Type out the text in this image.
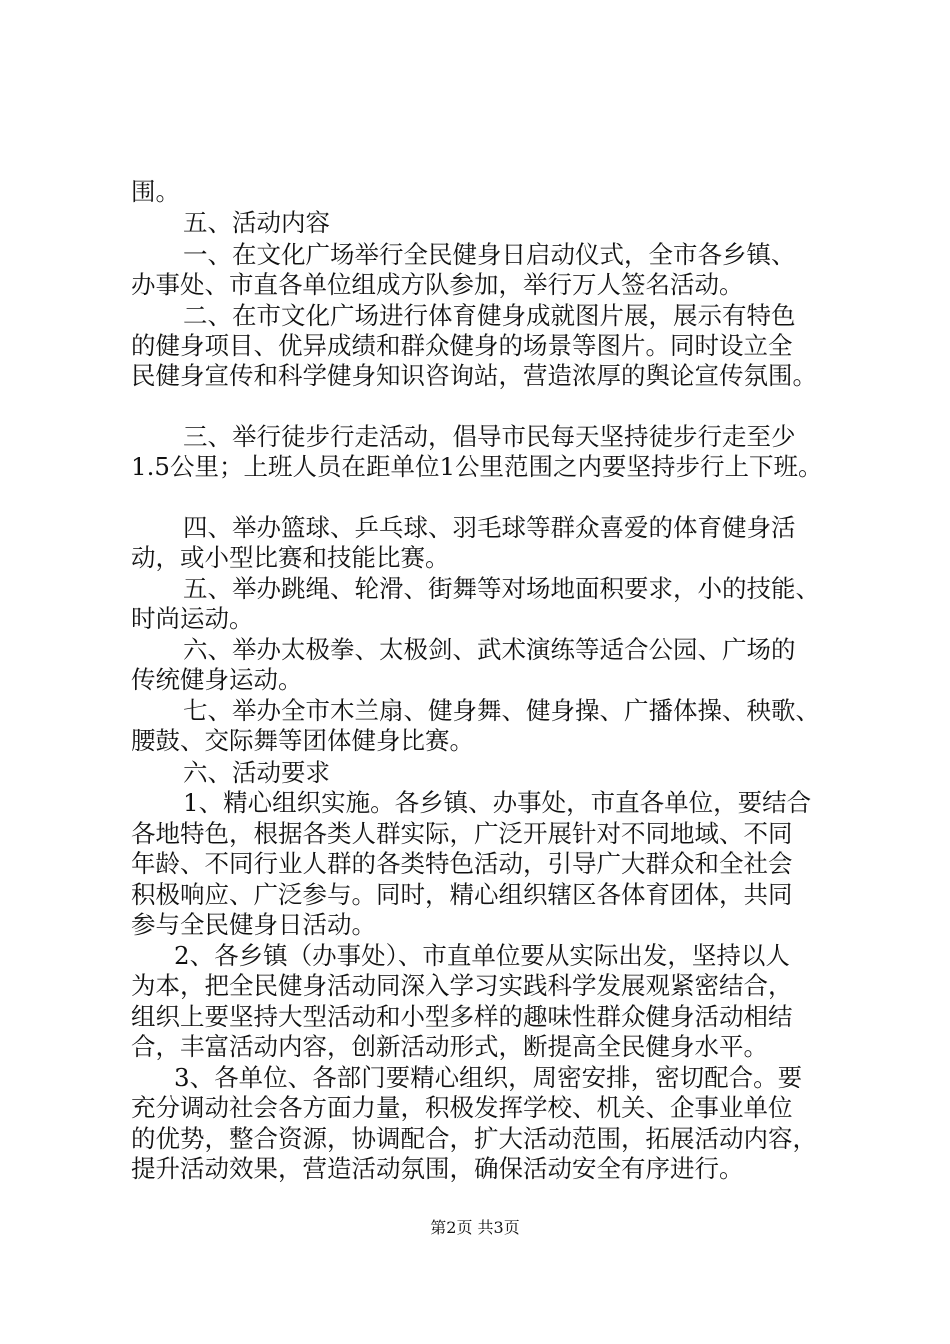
围。
五、活动内容
一、在文化广场举行全民健身日启动仪式，全市各乡镇、
办事处、市直各单位组成方队参加，举行万人签名活动。
二、在市文化广场进行体育健身成就图片展，展示有特色
的健身项目、优异成绩和群众健身的场景等图片。同时设立全
民健身宣传和科学健身知识咨询站，营造浓厚的舆论宣传氛围。
三、举行徒步行走活动，倡导市民每天坚持徒步行走至少
1.5公里；上班人员在距单位1公里范围之内要坚持步行上下班。
四、举办篮球、乒乓球、羽毛球等群众喜爱的体育健身活
动，或小型比赛和技能比赛。
五、举办跳绳、轮滑、街舞等对场地面积要求，小的技能、
时尚运动。
六、举办太极拳、太极剑、武术演练等适合公园、广场的
传统健身运动。
七、举办全市木兰扇、健身舞、健身操、广播体操、秧歌、
腰鼓、交际舞等团体健身比赛。
六、活动要求
1、精心组织实施。各乡镇、办事处，市直各单位，要结合
各地特色，根据各类人群实际，广泛开展针对不同地域、不同
年龄、不同行业人群的各类特色活动，引导广大群众和全社会
积极响应、广泛参与。同时，精心组织辖区各体育团体，共同
参与全民健身日活动。
2、各乡镇（办事处）、市直单位要从实际出发，坚持以人
为本，把全民健身活动同深入学习实践科学发展观紧密结合，
组织上要坚持大型活动和小型多样的趣味性群众健身活动相结
合，丰富活动内容，创新活动形式，断提高全民健身水平。
3、各单位、各部门要精心组织，周密安排，密切配合。要
充分调动社会各方面力量，积极发挥学校、机关、企事业单位
的优势，整合资源，协调配合，扩大活动范围，拓展活动内容，
提升活动效果，营造活动氛围，确保活动安全有序进行。
第2页 共3页
